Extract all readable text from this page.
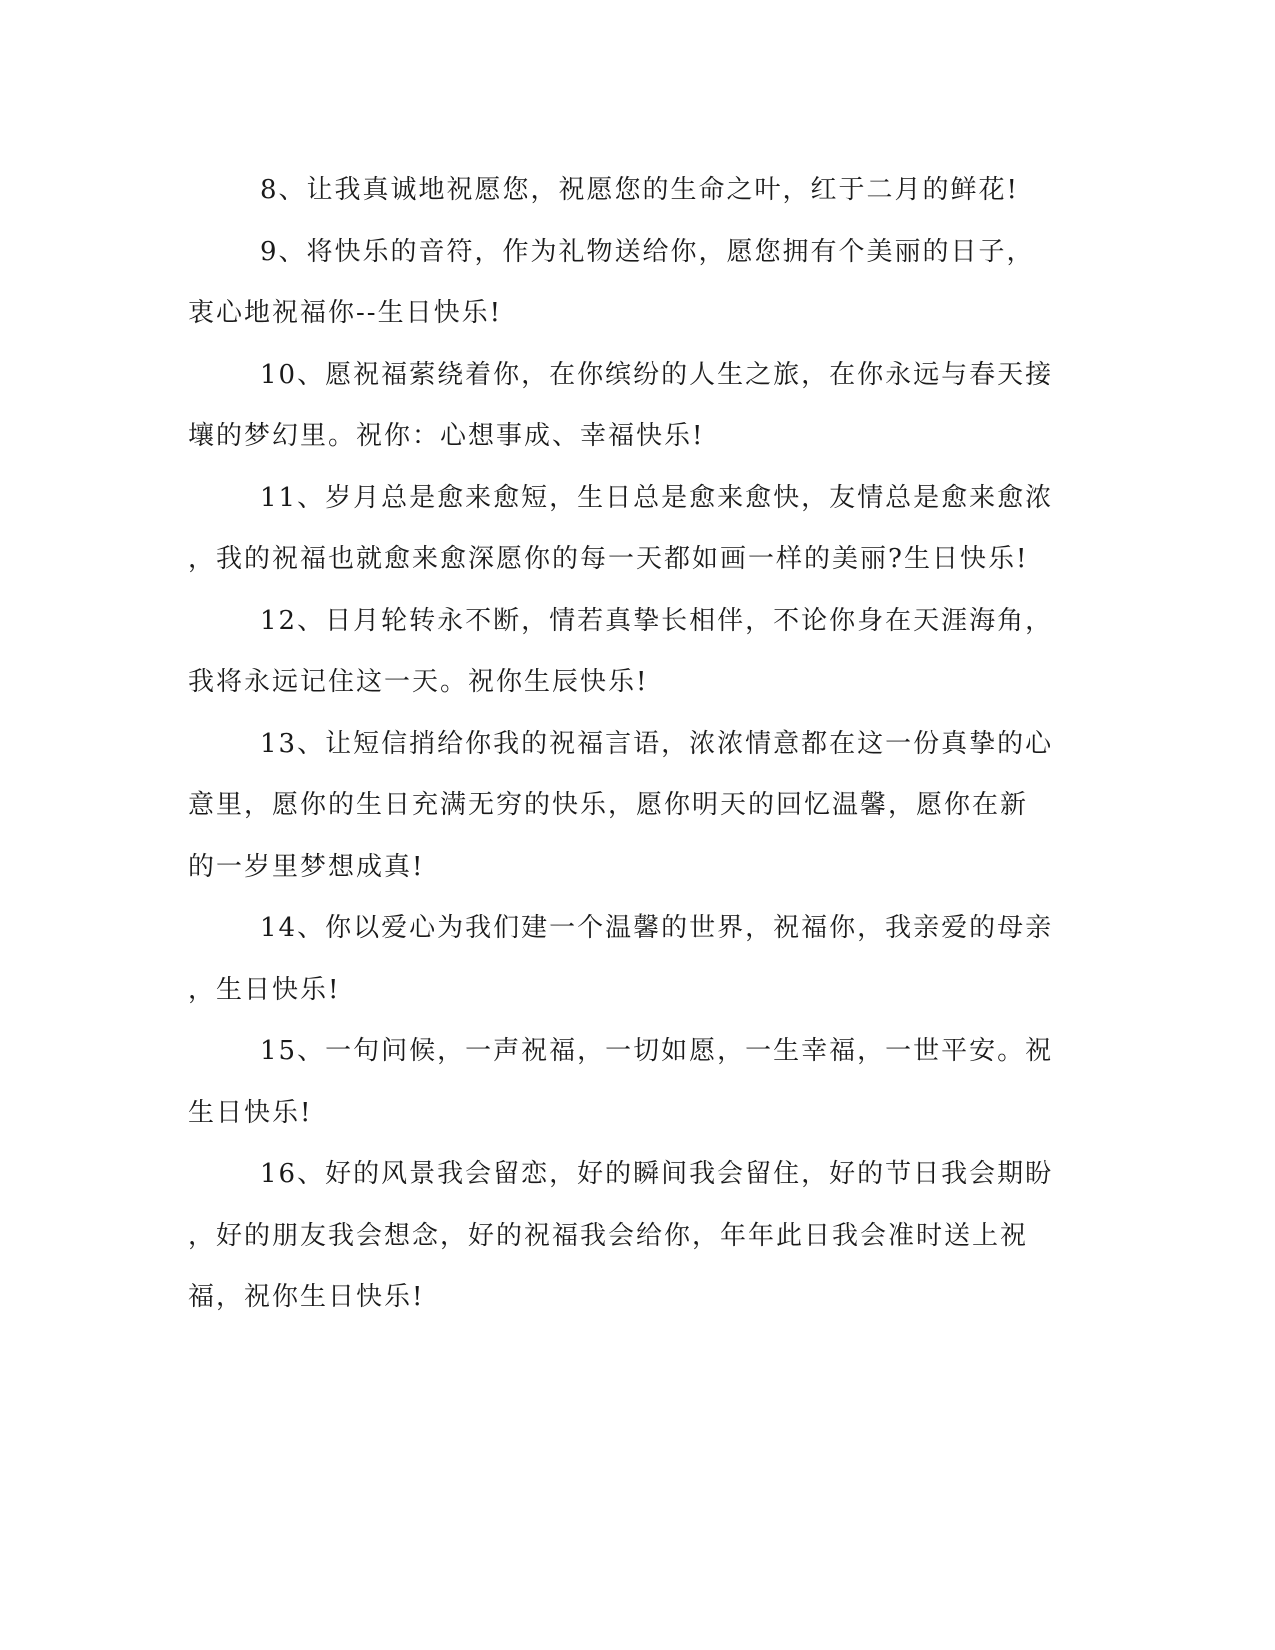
8、让我真诚地祝愿您，祝愿您的生命之叶，红于二月的鲜花!
9、将快乐的音符，作为礼物送给你，愿您拥有个美丽的日子，
衷心地祝福你--生日快乐!
10、愿祝福萦绕着你，在你缤纷的人生之旅，在你永远与春天接
壤的梦幻里。祝你：心想事成、幸福快乐!
11、岁月总是愈来愈短，生日总是愈来愈快，友情总是愈来愈浓
，我的祝福也就愈来愈深愿你的每一天都如画一样的美丽?生日快乐!
12、日月轮转永不断，情若真挚长相伴，不论你身在天涯海角，
我将永远记住这一天。祝你生辰快乐!
13、让短信捎给你我的祝福言语，浓浓情意都在这一份真挚的心
意里，愿你的生日充满无穷的快乐，愿你明天的回忆温馨，愿你在新
的一岁里梦想成真!
14、你以爱心为我们建一个温馨的世界，祝福你，我亲爱的母亲
，生日快乐!
15、一句问候，一声祝福，一切如愿，一生幸福，一世平安。祝
生日快乐!
16、好的风景我会留恋，好的瞬间我会留住，好的节日我会期盼
，好的朋友我会想念，好的祝福我会给你，年年此日我会准时送上祝
福，祝你生日快乐!
